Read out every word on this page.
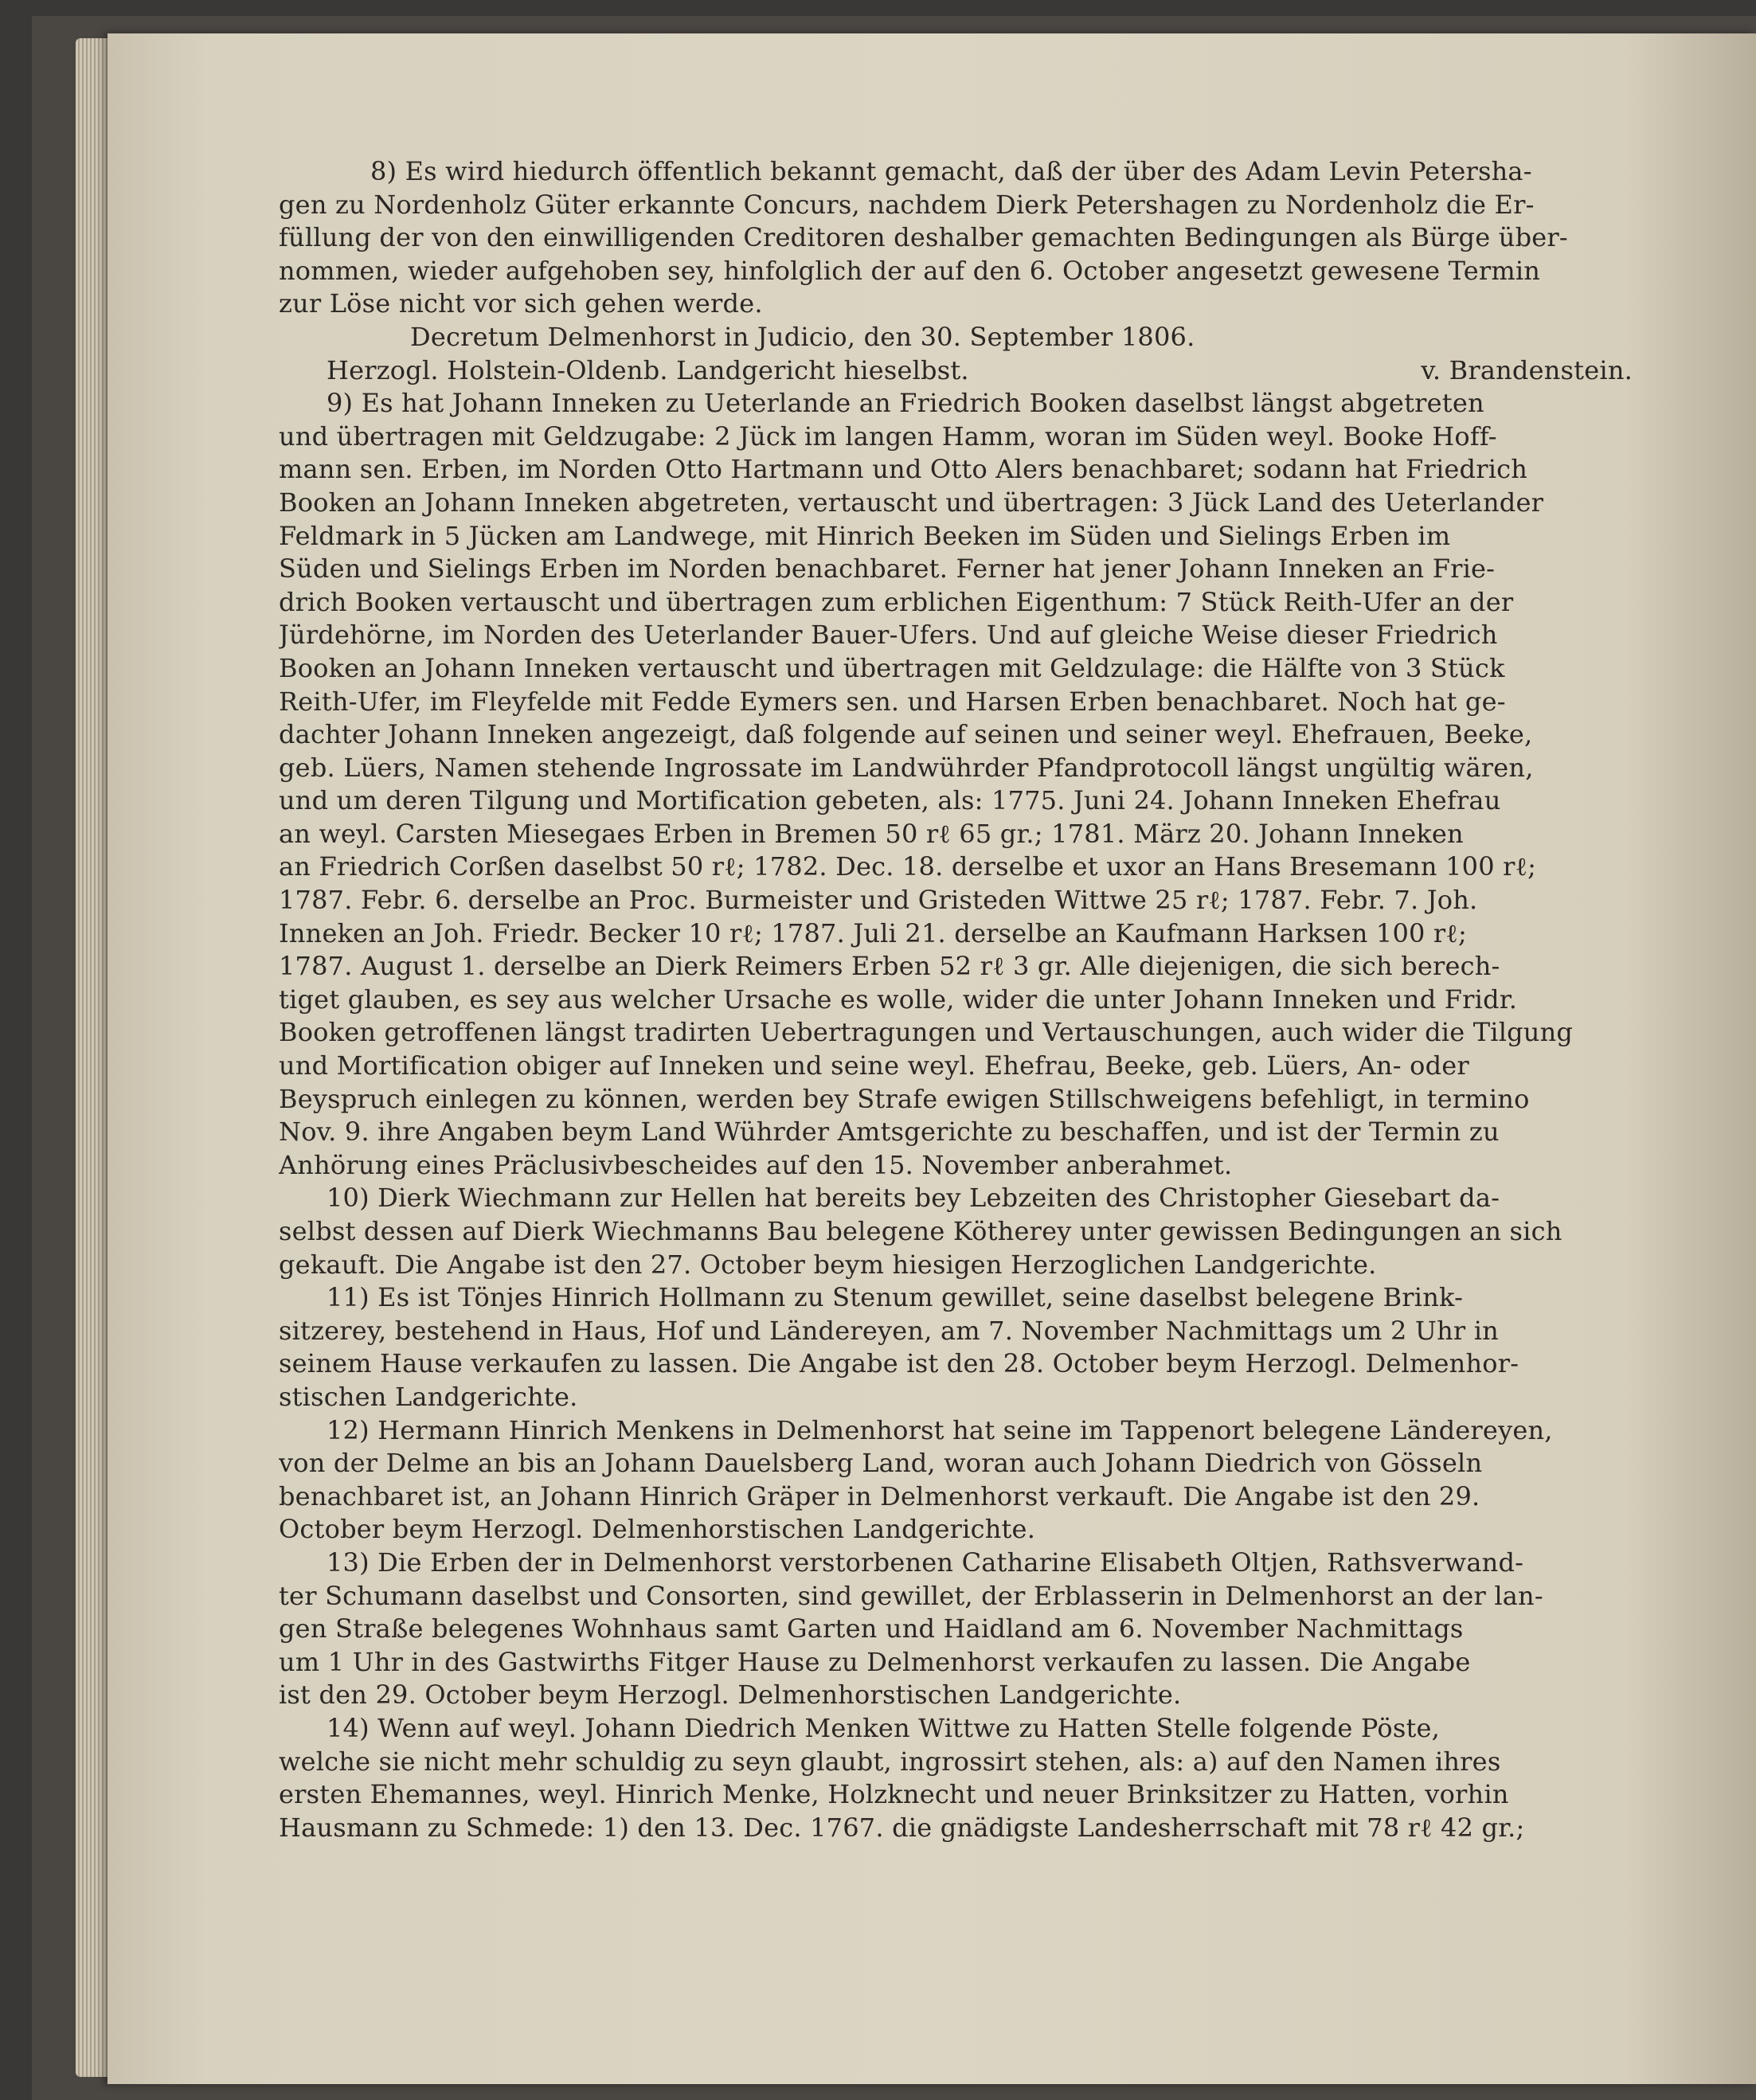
8) Es wird hiedurch öffentlich bekannt gemacht, daß der über des Adam Levin Petersha-
gen zu Nordenholz Güter erkannte Concurs, nachdem Dierk Petershagen zu Nordenholz die Er-
füllung der von den einwilligenden Creditoren deshalber gemachten Bedingungen als Bürge über-
nommen, wieder aufgehoben sey, hinfolglich der auf den 6. October angesetzt gewesene Termin
zur Löse nicht vor sich gehen werde.
Decretum Delmenhorst in Judicio, den 30. September 1806.
Herzogl. Holstein-Oldenb. Landgericht hieselbst.	v. Brandenstein.
9) Es hat Johann Inneken zu Ueterlande an Friedrich Booken daselbst längst abgetreten
und übertragen mit Geldzugabe: 2 Jück im langen Hamm, woran im Süden weyl. Booke Hoff-
mann sen. Erben, im Norden Otto Hartmann und Otto Alers benachbaret; sodann hat Friedrich
Booken an Johann Inneken abgetreten, vertauscht und übertragen: 3 Jück Land des Ueterlander
Feldmark in 5 Jücken am Landwege, mit Hinrich Beeken im Süden und Sielings Erben im
Süden und Sielings Erben im Norden benachbaret. Ferner hat jener Johann Inneken an Frie-
drich Booken vertauscht und übertragen zum erblichen Eigenthum: 7 Stück Reith-Ufer an der
Jürdehörne, im Norden des Ueterlander Bauer-Ufers. Und auf gleiche Weise dieser Friedrich
Booken an Johann Inneken vertauscht und übertragen mit Geldzulage: die Hälfte von 3 Stück
Reith-Ufer, im Fleyfelde mit Fedde Eymers sen. und Harsen Erben benachbaret. Noch hat ge-
dachter Johann Inneken angezeigt, daß folgende auf seinen und seiner weyl. Ehefrauen, Beeke,
geb. Lüers, Namen stehende Ingrossate im Landwührder Pfandprotocoll längst ungültig wären,
und um deren Tilgung und Mortification gebeten, als: 1775. Juni 24. Johann Inneken Ehefrau
an weyl. Carsten Miesegaes Erben in Bremen 50 rℓ 65 gr.; 1781. März 20. Johann Inneken
an Friedrich Corßen daselbst 50 rℓ; 1782. Dec. 18. derselbe et uxor an Hans Bresemann 100 rℓ;
1787. Febr. 6. derselbe an Proc. Burmeister und Gristeden Wittwe 25 rℓ; 1787. Febr. 7. Joh.
Inneken an Joh. Friedr. Becker 10 rℓ; 1787. Juli 21. derselbe an Kaufmann Harksen 100 rℓ;
1787. August 1. derselbe an Dierk Reimers Erben 52 rℓ 3 gr. Alle diejenigen, die sich berech-
tiget glauben, es sey aus welcher Ursache es wolle, wider die unter Johann Inneken und Fridr.
Booken getroffenen längst tradirten Uebertragungen und Vertauschungen, auch wider die Tilgung
und Mortification obiger auf Inneken und seine weyl. Ehefrau, Beeke, geb. Lüers, An- oder
Beyspruch einlegen zu können, werden bey Strafe ewigen Stillschweigens befehligt, in termino
Nov. 9. ihre Angaben beym Land Wührder Amtsgerichte zu beschaffen, und ist der Termin zu
Anhörung eines Präclusivbescheides auf den 15. November anberahmet.
10) Dierk Wiechmann zur Hellen hat bereits bey Lebzeiten des Christopher Giesebart da-
selbst dessen auf Dierk Wiechmanns Bau belegene Kötherey unter gewissen Bedingungen an sich
gekauft. Die Angabe ist den 27. October beym hiesigen Herzoglichen Landgerichte.
11) Es ist Tönjes Hinrich Hollmann zu Stenum gewillet, seine daselbst belegene Brink-
sitzerey, bestehend in Haus, Hof und Ländereyen, am 7. November Nachmittags um 2 Uhr in
seinem Hause verkaufen zu lassen. Die Angabe ist den 28. October beym Herzogl. Delmenhor-
stischen Landgerichte.
12) Hermann Hinrich Menkens in Delmenhorst hat seine im Tappenort belegene Ländereyen,
von der Delme an bis an Johann Dauelsberg Land, woran auch Johann Diedrich von Gösseln
benachbaret ist, an Johann Hinrich Gräper in Delmenhorst verkauft. Die Angabe ist den 29.
October beym Herzogl. Delmenhorstischen Landgerichte.
13) Die Erben der in Delmenhorst verstorbenen Catharine Elisabeth Oltjen, Rathsverwand-
ter Schumann daselbst und Consorten, sind gewillet, der Erblasserin in Delmenhorst an der lan-
gen Straße belegenes Wohnhaus samt Garten und Haidland am 6. November Nachmittags
um 1 Uhr in des Gastwirths Fitger Hause zu Delmenhorst verkaufen zu lassen. Die Angabe
ist den 29. October beym Herzogl. Delmenhorstischen Landgerichte.
14) Wenn auf weyl. Johann Diedrich Menken Wittwe zu Hatten Stelle folgende Pöste,
welche sie nicht mehr schuldig zu seyn glaubt, ingrossirt stehen, als: a) auf den Namen ihres
ersten Ehemannes, weyl. Hinrich Menke, Holzknecht und neuer Brinksitzer zu Hatten, vorhin
Hausmann zu Schmede: 1) den 13. Dec. 1767. die gnädigste Landesherrschaft mit 78 rℓ 42 gr.;
